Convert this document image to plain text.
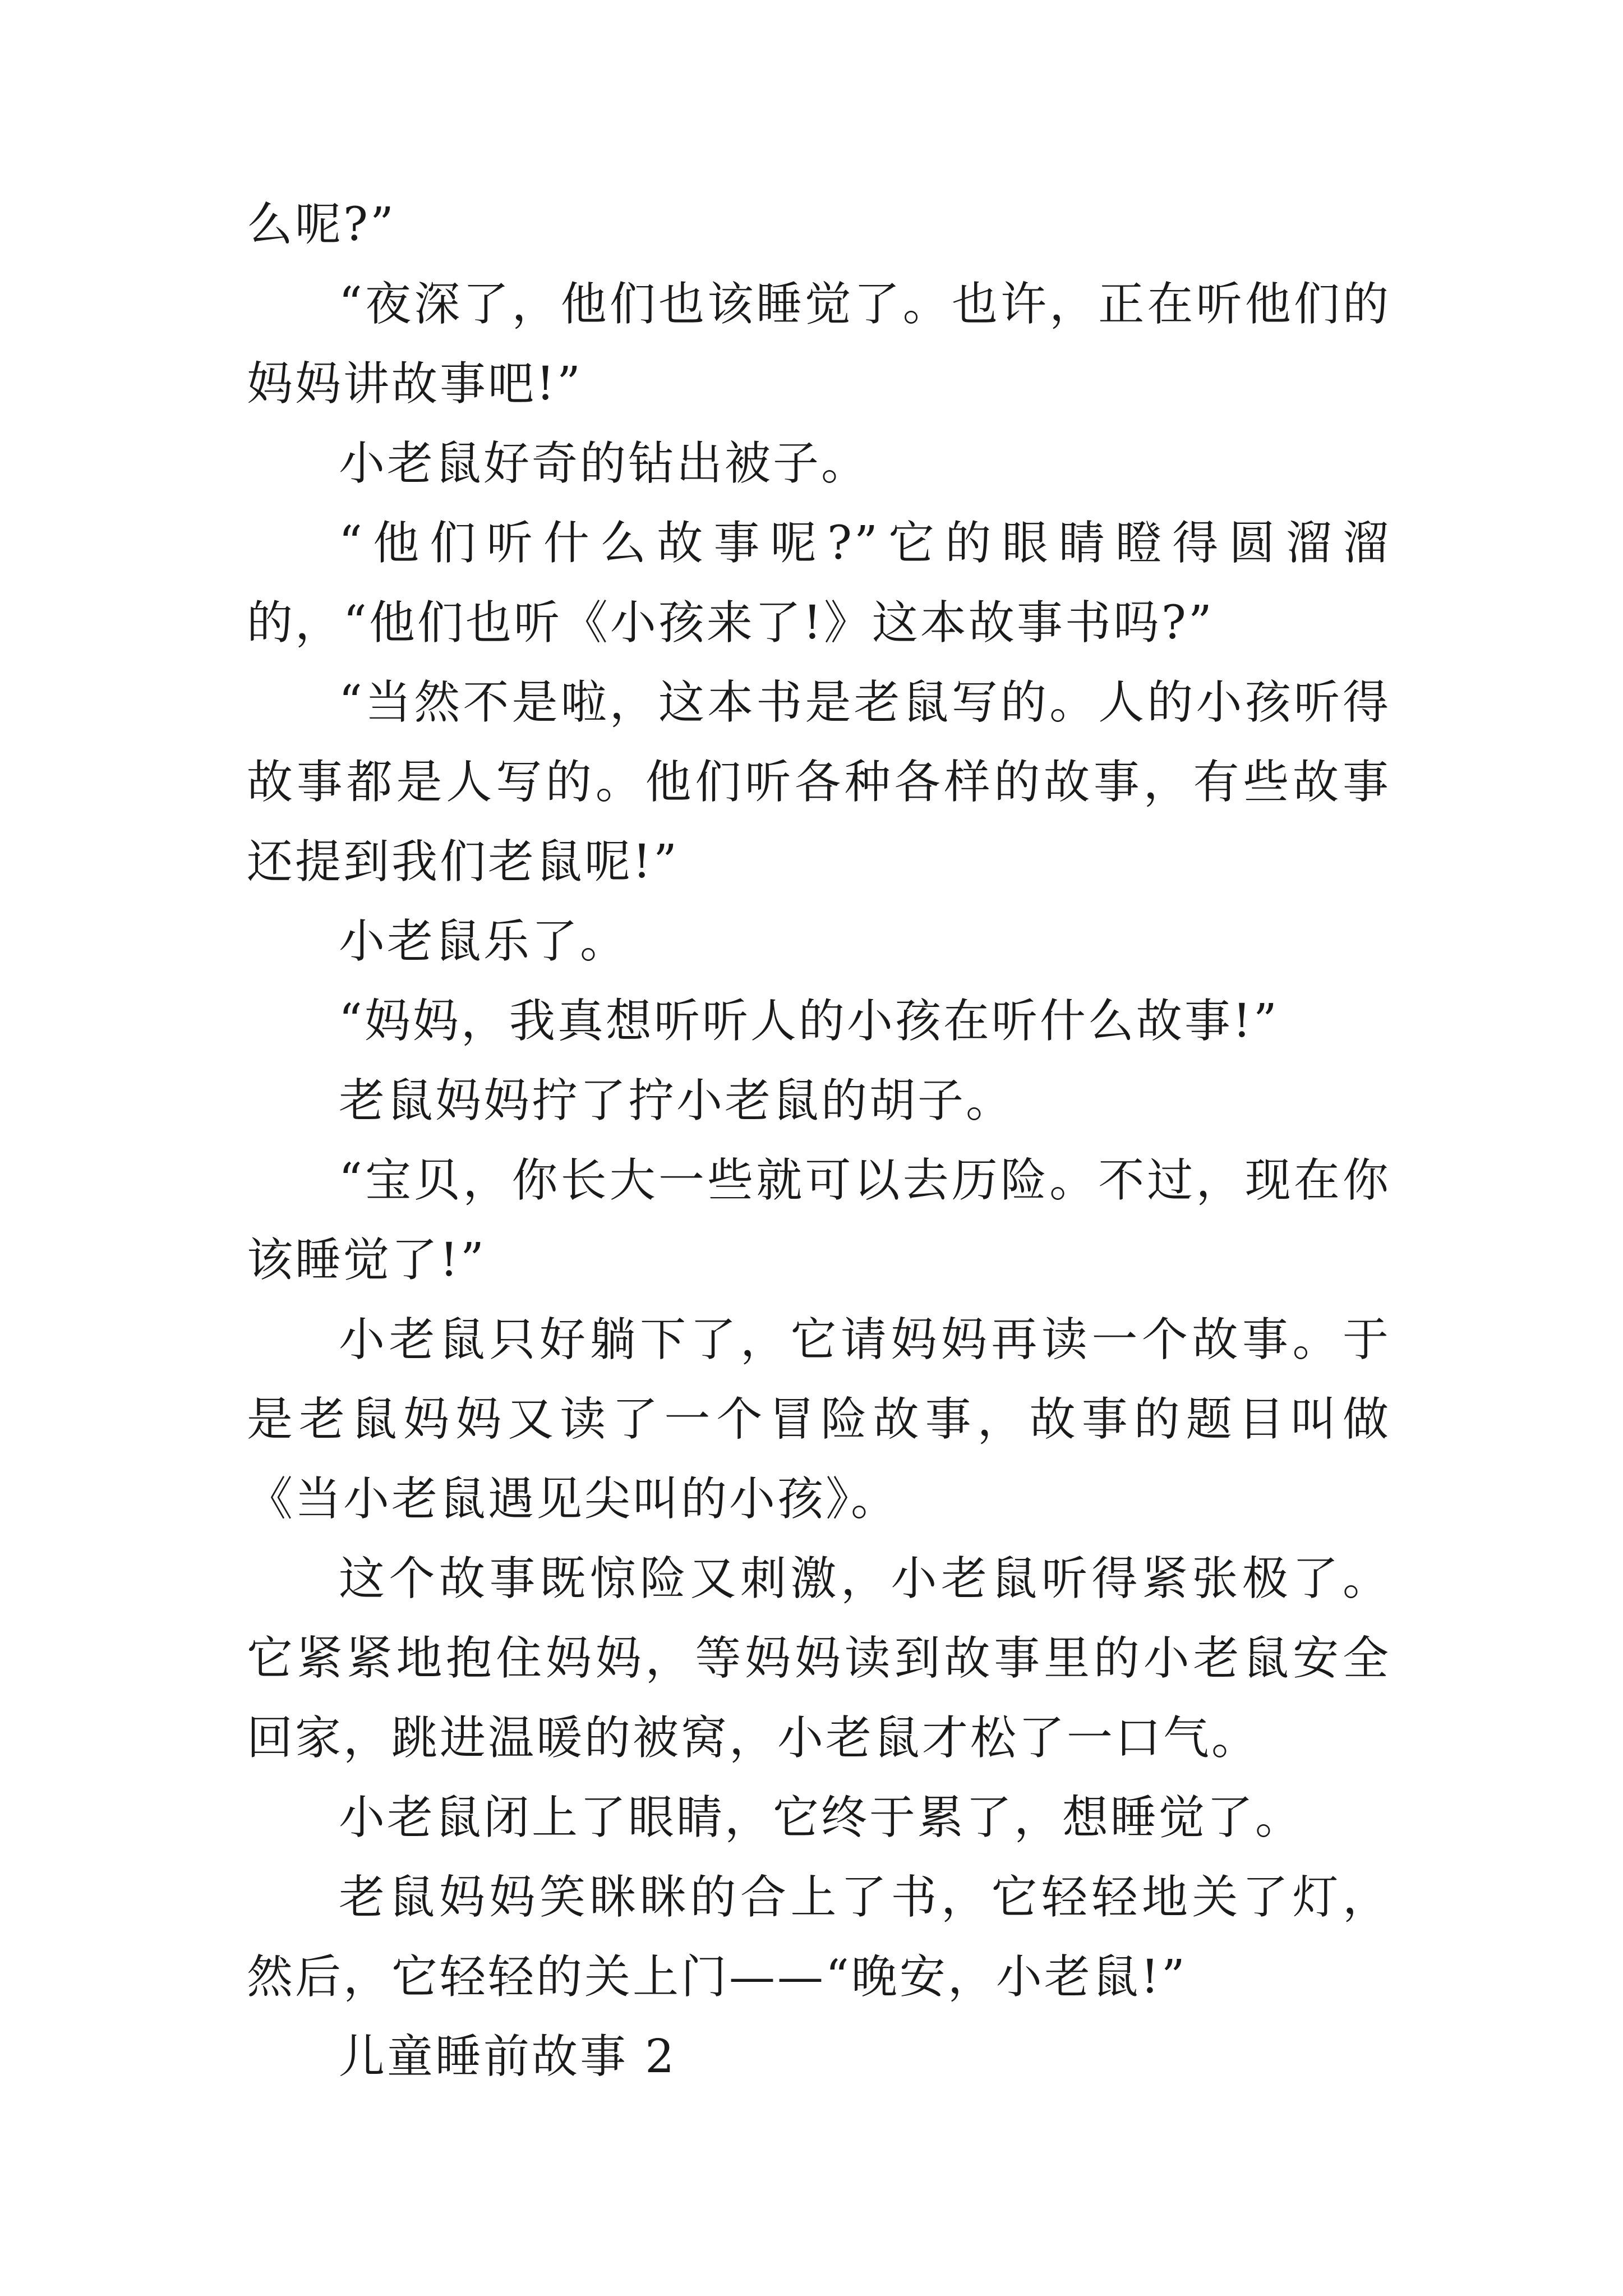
么呢?”

“夜深了，他们也该睡觉了。也许，正在听他们的妈妈讲故事吧!”

小老鼠好奇的钻出被子。

“他们听什么故事呢?”它的眼睛瞪得圆溜溜的，“他们也听《小孩来了!》这本故事书吗?”

“当然不是啦，这本书是老鼠写的。人的小孩听得故事都是人写的。他们听各种各样的故事，有些故事还提到我们老鼠呢!”

小老鼠乐了。

“妈妈，我真想听听人的小孩在听什么故事!”

老鼠妈妈拧了拧小老鼠的胡子。

“宝贝，你长大一些就可以去历险。不过，现在你该睡觉了!”

小老鼠只好躺下了，它请妈妈再读一个故事。于是老鼠妈妈又读了一个冒险故事，故事的题目叫做《当小老鼠遇见尖叫的小孩》。

这个故事既惊险又刺激，小老鼠听得紧张极了。它紧紧地抱住妈妈，等妈妈读到故事里的小老鼠安全回家，跳进温暖的被窝，小老鼠才松了一口气。

小老鼠闭上了眼睛，它终于累了，想睡觉了。

老鼠妈妈笑眯眯的合上了书，它轻轻地关了灯，然后，它轻轻的关上门——“晚安，小老鼠!”

儿童睡前故事 2
